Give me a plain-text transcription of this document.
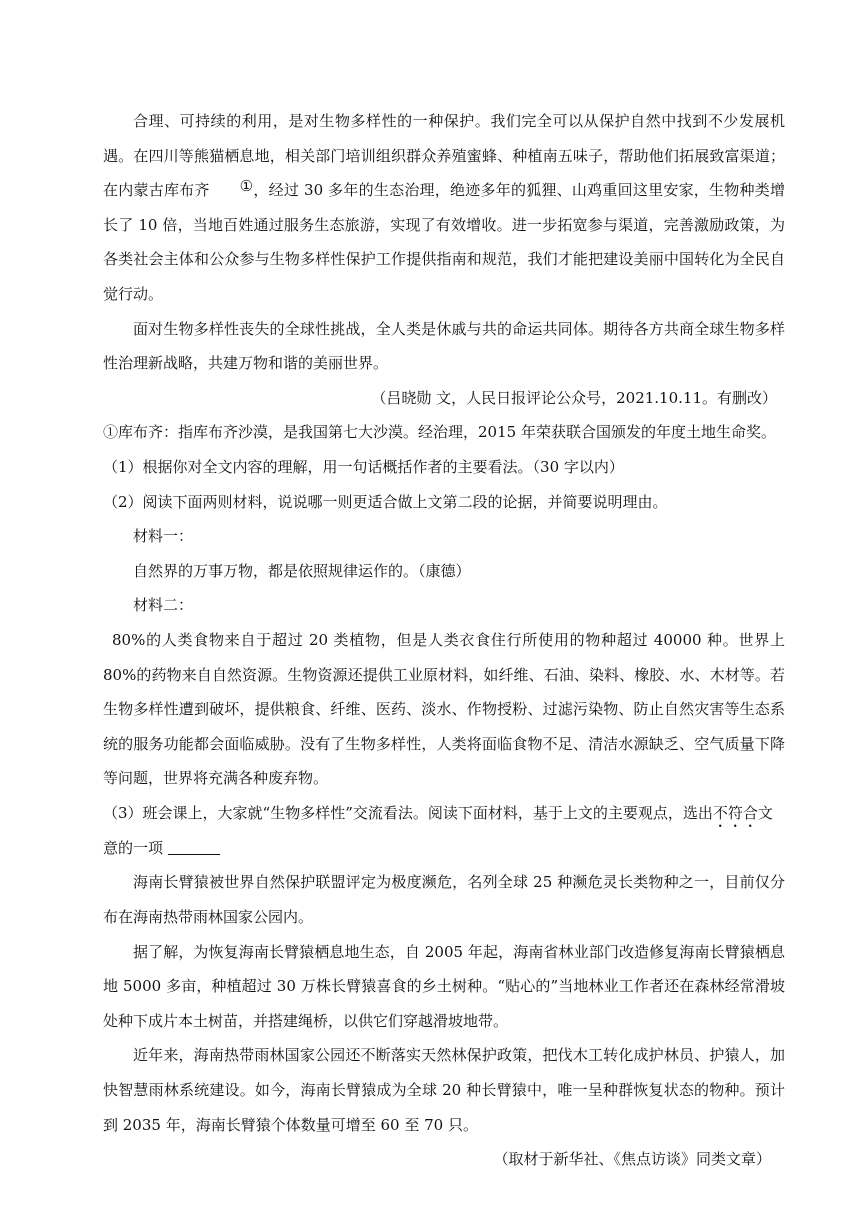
合理、可持续的利用，是对生物多样性的一种保护。我们完全可以从保护自然中找到不少发展机遇。在四川等熊猫栖息地，相关部门培训组织群众养殖蜜蜂、种植南五味子，帮助他们拓展致富渠道；在内蒙古库布齐 ①，经过 30 多年的生态治理，绝迹多年的狐狸、山鸡重回这里安家，生物种类增长了 10 倍，当地百姓通过服务生态旅游，实现了有效增收。进一步拓宽参与渠道，完善激励政策，为各类社会主体和公众参与生物多样性保护工作提供指南和规范，我们才能把建设美丽中国转化为全民自觉行动。

面对生物多样性丧失的全球性挑战，全人类是休戚与共的命运共同体。期待各方共商全球生物多样性治理新战略，共建万物和谐的美丽世界。

（吕晓勋 文，人民日报评论公众号，2021.10.11。有删改）

①库布齐：指库布齐沙漠，是我国第七大沙漠。经治理，2015 年荣获联合国颁发的年度土地生命奖。

（1）根据你对全文内容的理解，用一句话概括作者的主要看法。（30 字以内）

（2）阅读下面两则材料，说说哪一则更适合做上文第二段的论据，并简要说明理由。

材料一：

自然界的万事万物，都是依照规律运作的。（康德）

材料二：

80%的人类食物来自于超过 20 类植物，但是人类衣食住行所使用的物种超过 40000 种。世界上 80%的药物来自自然资源。生物资源还提供工业原材料，如纤维、石油、染料、橡胶、水、木材等。若生物多样性遭到破坏，提供粮食、纤维、医药、淡水、作物授粉、过滤污染物、防止自然灾害等生态系统的服务功能都会面临威胁。没有了生物多样性，人类将面临食物不足、清洁水源缺乏、空气质量下降等问题，世界将充满各种废弃物。

（3）班会课上，大家就“生物多样性”交流看法。阅读下面材料，基于上文的主要观点，选出不符合文意的一项

海南长臂猿被世界自然保护联盟评定为极度濒危，名列全球 25 种濒危灵长类物种之一，目前仅分布在海南热带雨林国家公园内。

据了解，为恢复海南长臂猿栖息地生态，自 2005 年起，海南省林业部门改造修复海南长臂猿栖息地 5000 多亩，种植超过 30 万株长臂猿喜食的乡土树种。“贴心的”当地林业工作者还在森林经常滑坡处种下成片本土树苗，并搭建绳桥，以供它们穿越滑坡地带。

近年来，海南热带雨林国家公园还不断落实天然林保护政策，把伐木工转化成护林员、护猿人，加快智慧雨林系统建设。如今，海南长臂猿成为全球 20 种长臂猿中，唯一呈种群恢复状态的物种。预计到 2035 年，海南长臂猿个体数量可增至 60 至 70 只。

（取材于新华社、《焦点访谈》同类文章）
